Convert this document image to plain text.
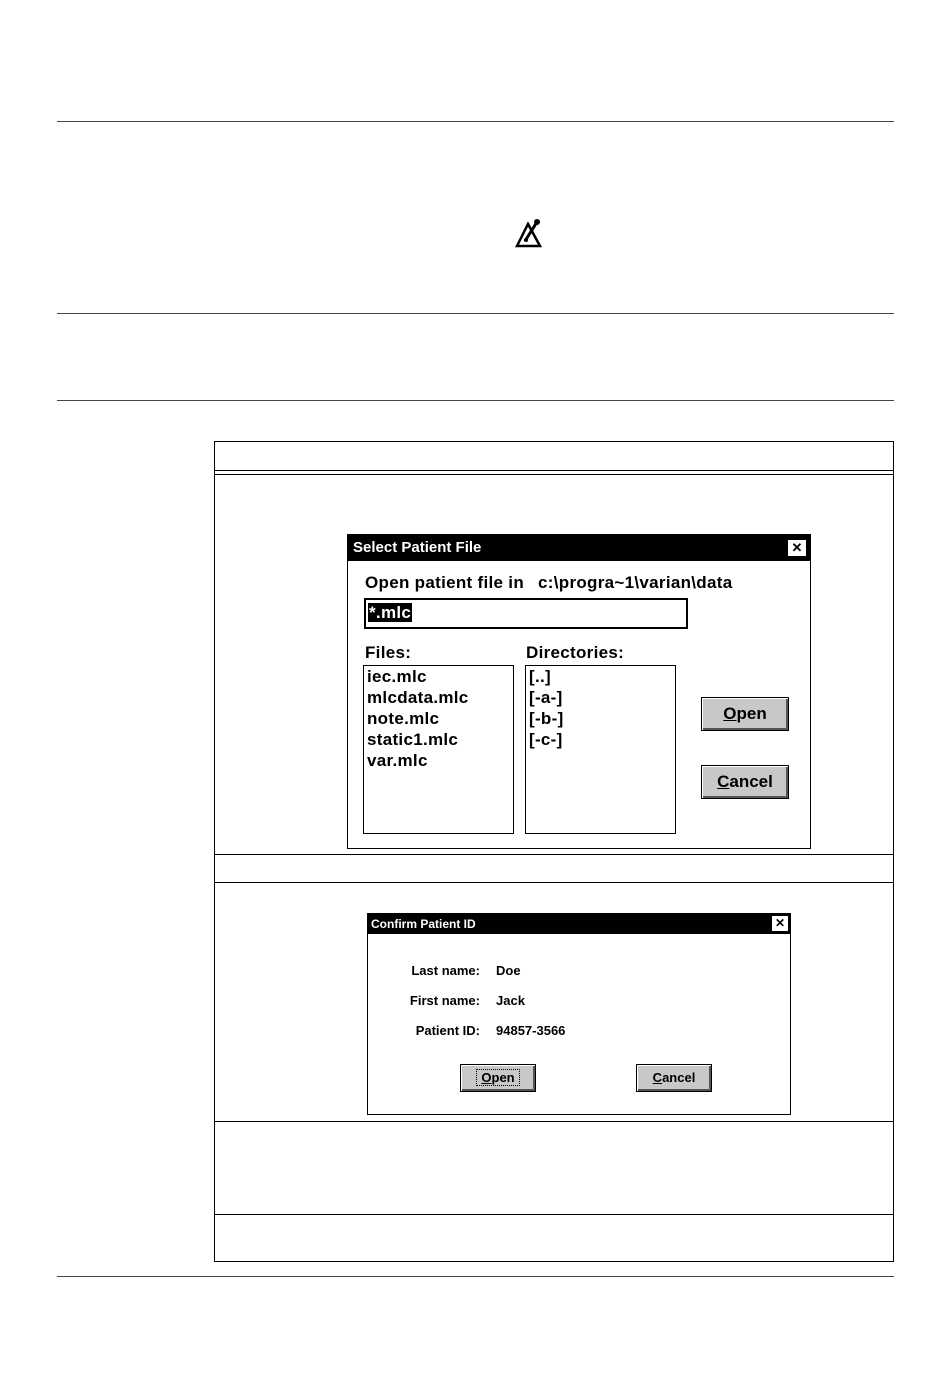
Select Patient File	✕
Open patient file in c:\progra~1\varian\data
*.mlc
Files:	Directories:
iec.mlc
mlcdata.mlc
note.mlc
static1.mlc
var.mlc
[..]
[-a-]
[-b-]
[-c-]
Open
Cancel
Confirm Patient ID	✕
Last name: Doe
First name: Jack
Patient ID: 94857-3566
Open	Cancel
